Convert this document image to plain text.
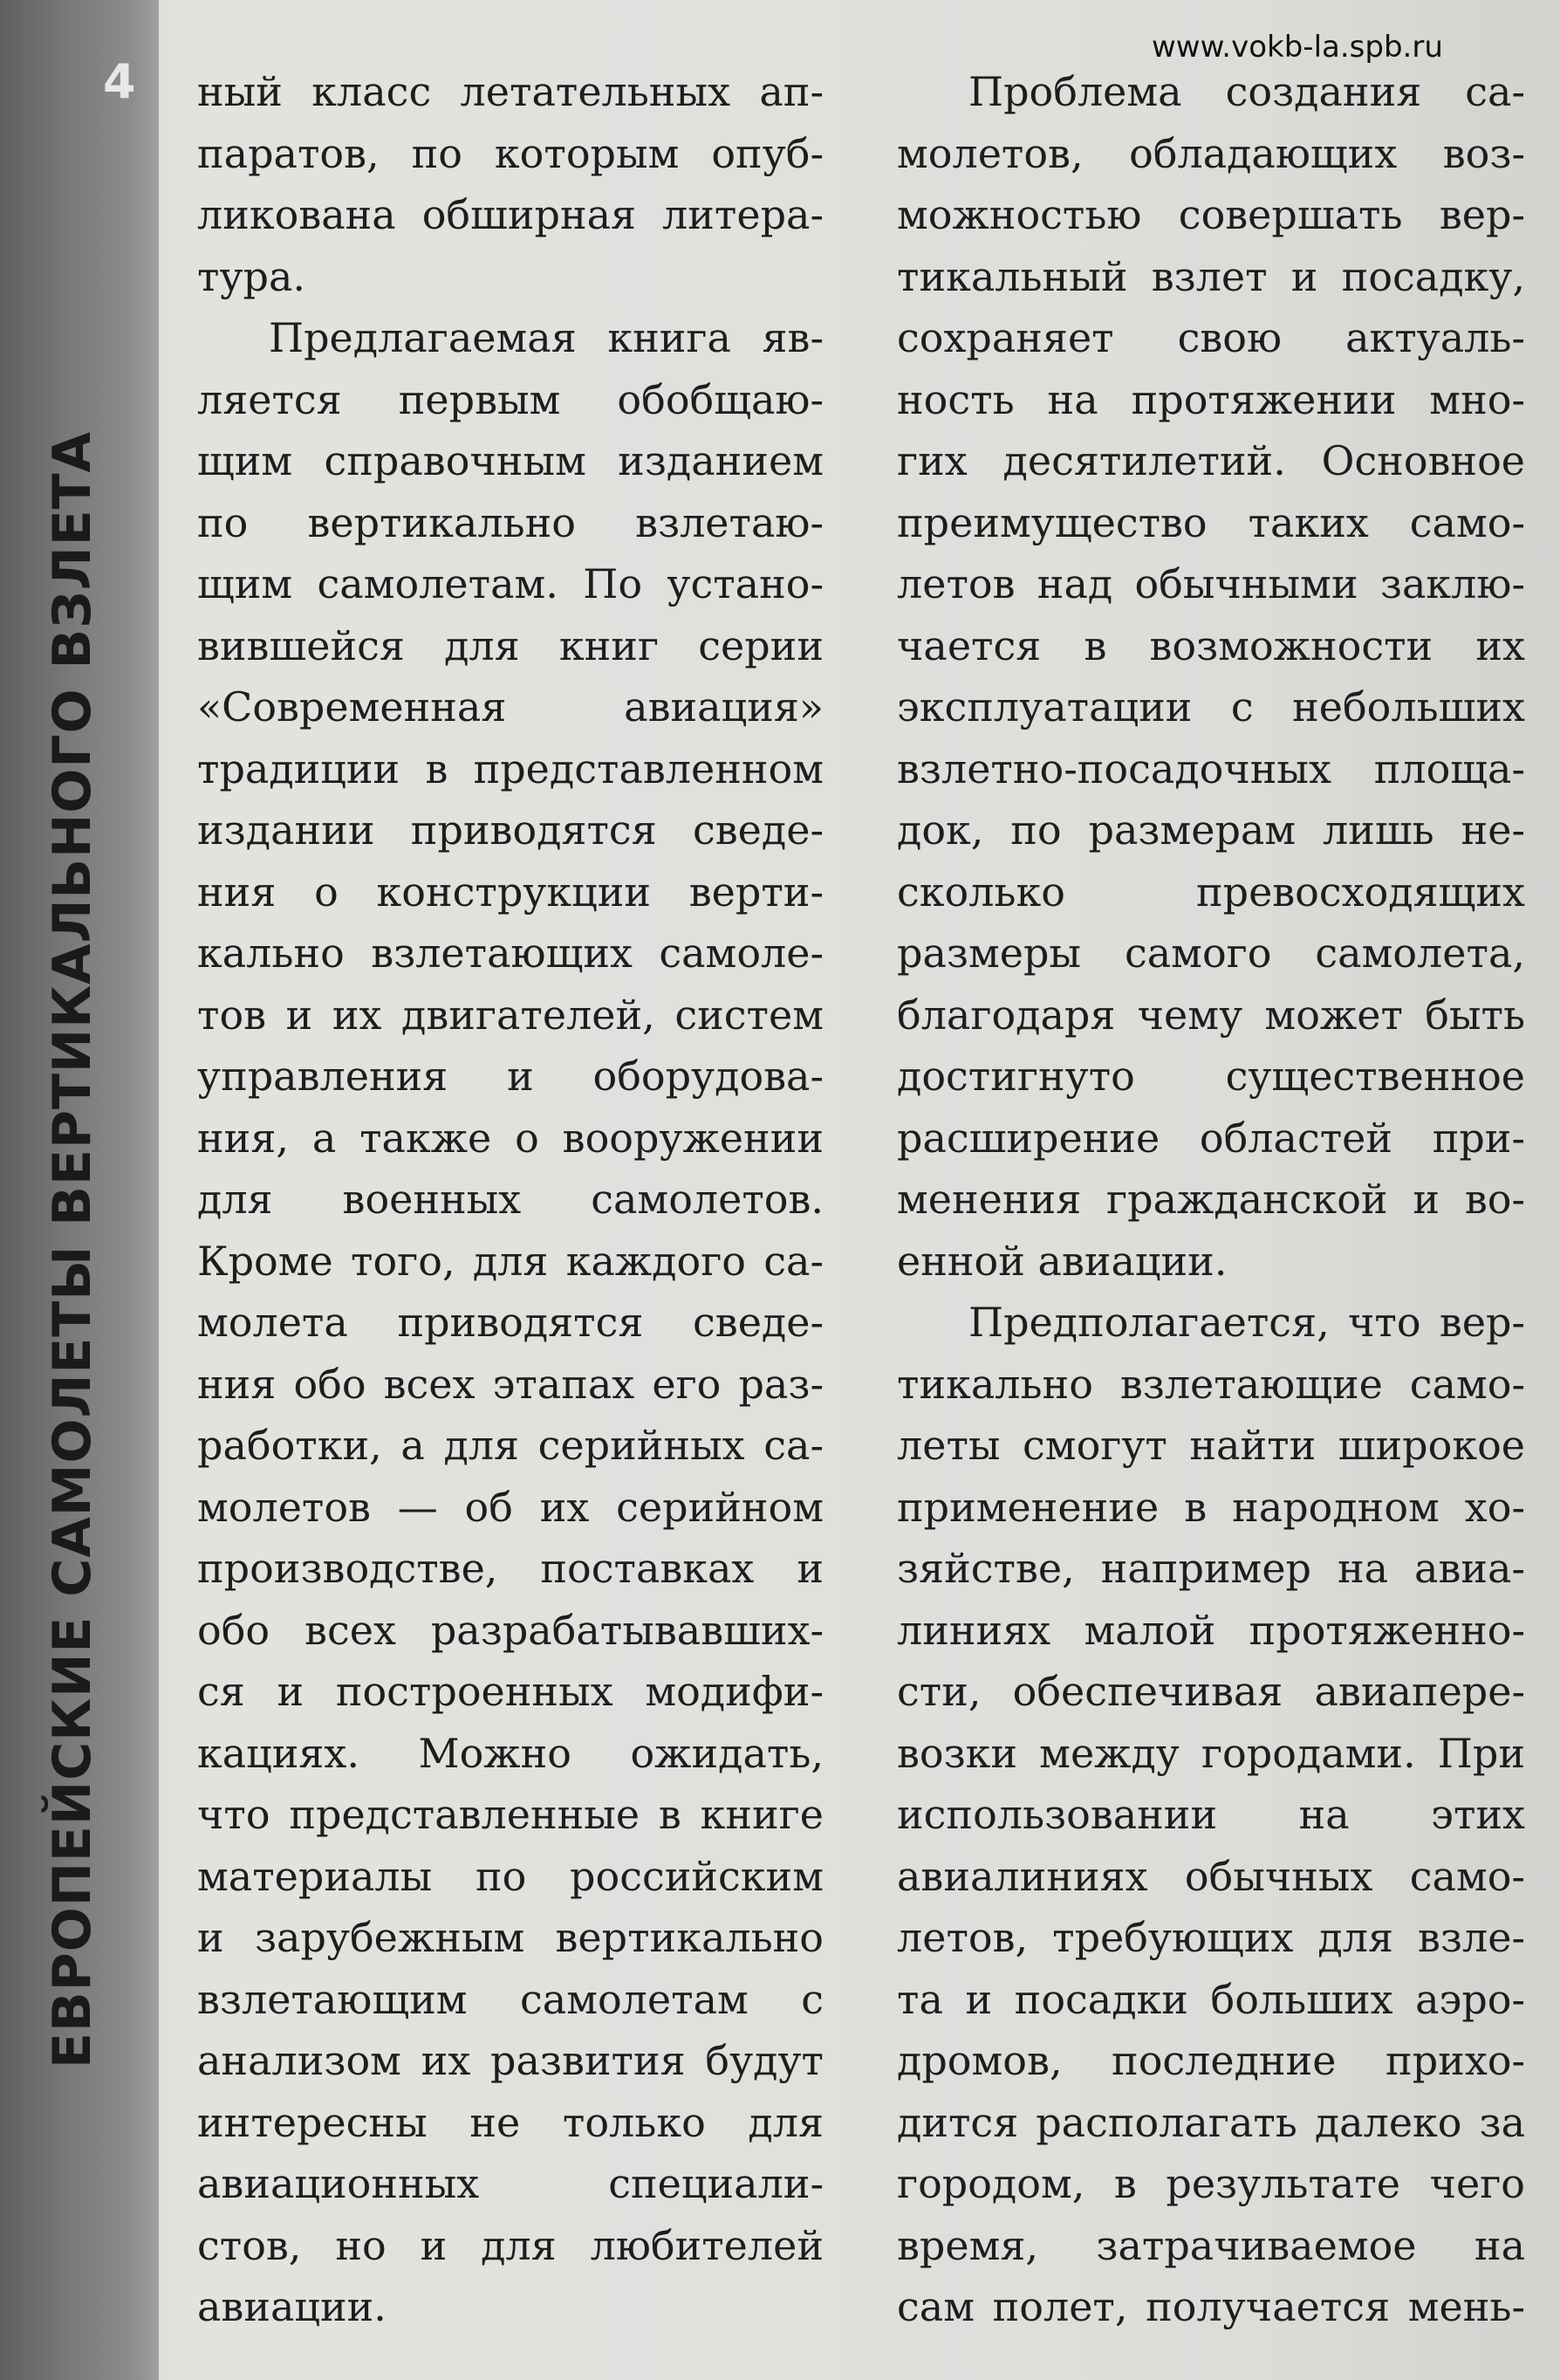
4
ЕВРОПЕЙСКИЕ САМОЛЕТЫ ВЕРТИКАЛЬНОГО ВЗЛЕТА
www.vokb-la.spb.ru
ный класс летательных ап-
паратов, по которым опуб-
ликована обширная литера-
тура.
Предлагаемая книга яв-
ляется первым обобщаю-
щим справочным изданием
по вертикально взлетаю-
щим самолетам. По устано-
вившейся для книг серии
«Современная авиация»
традиции в представленном
издании приводятся сведе-
ния о конструкции верти-
кально взлетающих самоле-
тов и их двигателей, систем
управления и оборудова-
ния, а также о вооружении
для военных самолетов.
Кроме того, для каждого са-
молета приводятся сведе-
ния обо всех этапах его раз-
работки, а для серийных са-
молетов — об их серийном
производстве, поставках и
обо всех разрабатывавших-
ся и построенных модифи-
кациях. Можно ожидать,
что представленные в книге
материалы по российским
и зарубежным вертикально
взлетающим самолетам с
анализом их развития будут
интересны не только для
авиационных специали-
стов, но и для любителей
авиации.
Проблема создания са-
молетов, обладающих воз-
можностью совершать вер-
тикальный взлет и посадку,
сохраняет свою актуаль-
ность на протяжении мно-
гих десятилетий. Основное
преимущество таких само-
летов над обычными заклю-
чается в возможности их
эксплуатации с небольших
взлетно-посадочных площа-
док, по размерам лишь не-
сколько превосходящих
размеры самого самолета,
благодаря чему может быть
достигнуто существенное
расширение областей при-
менения гражданской и во-
енной авиации.
Предполагается, что вер-
тикально взлетающие само-
леты смогут найти широкое
применение в народном хо-
зяйстве, например на авиа-
линиях малой протяженно-
сти, обеспечивая авиапере-
возки между городами. При
использовании на этих
авиалиниях обычных само-
летов, требующих для взле-
та и посадки больших аэро-
дромов, последние прихо-
дится располагать далеко за
городом, в результате чего
время, затрачиваемое на
сам полет, получается мень-
